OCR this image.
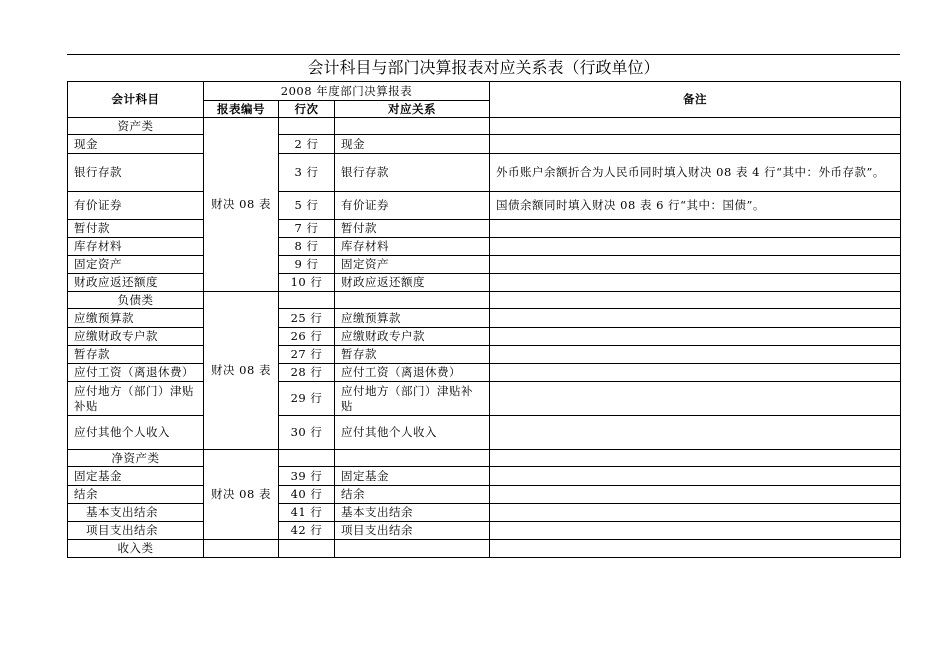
会计科目与部门决算报表对应关系表（行政单位）
会计科目	2008 年度部门决算报表			备注
	报表编号	行次	对应关系	
资产类	财决 08 表			
现金		2 行	现金	
银行存款		3 行	银行存款	外币账户余额折合为人民币同时填入财决 08 表 4 行“其中：外币存款”。
有价证券		5 行	有价证券	国债余额同时填入财决 08 表 6 行“其中：国债”。
暂付款		7 行	暂付款	
库存材料		8 行	库存材料	
固定资产		9 行	固定资产	
财政应返还额度		10 行	财政应返还额度	
负债类	财决 08 表			
应缴预算款		25 行	应缴预算款	
应缴财政专户款		26 行	应缴财政专户款	
暂存款		27 行	暂存款	
应付工资（离退休费）		28 行	应付工资（离退休费）	
应付地方（部门）津贴补贴		29 行	应付地方（部门）津贴补贴	
应付其他个人收入		30 行	应付其他个人收入	
净资产类	财决 08 表			
固定基金		39 行	固定基金	
结余		40 行	结余	
基本支出结余		41 行	基本支出结余	
项目支出结余		42 行	项目支出结余	
收入类				
